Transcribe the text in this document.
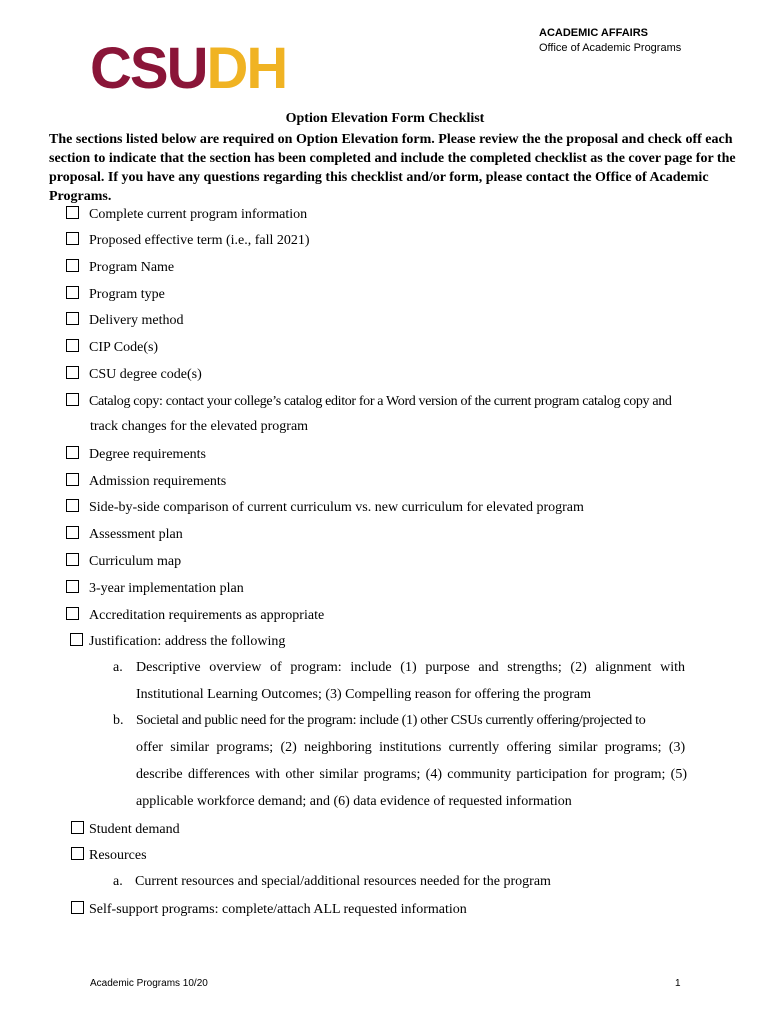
CSUDH
ACADEMIC AFFAIRS
Office of Academic Programs
Option Elevation Form Checklist
The sections listed below are required on Option Elevation form. Please review the the proposal and check off each section to indicate that the section has been completed and include the completed checklist as the cover page for the proposal. If you have any questions regarding this checklist and/or form, please contact the Office of Academic Programs.
Complete current program information
Proposed effective term (i.e., fall 2021)
Program Name
Program type
Delivery method
CIP Code(s)
CSU degree code(s)
Catalog copy: contact your college’s catalog editor for a Word version of the current program catalog copy and
track changes for the elevated program
Degree requirements
Admission requirements
Side-by-side comparison of current curriculum vs. new curriculum for elevated program
Assessment plan
Curriculum map
3-year implementation plan
Accreditation requirements as appropriate
Justification: address the following
a. Descriptive overview of program: include (1) purpose and strengths; (2) alignment with
Institutional Learning Outcomes; (3) Compelling reason for offering the program
b. Societal and public need for the program: include (1) other CSUs currently offering/projected to
offer similar programs; (2) neighboring institutions currently offering similar programs; (3)
describe differences with other similar programs; (4) community participation for program; (5)
applicable workforce demand; and (6) data evidence of requested information
Student demand
Resources
a. Current resources and special/additional resources needed for the program
Self-support programs: complete/attach ALL requested information
Academic Programs 10/20	1
